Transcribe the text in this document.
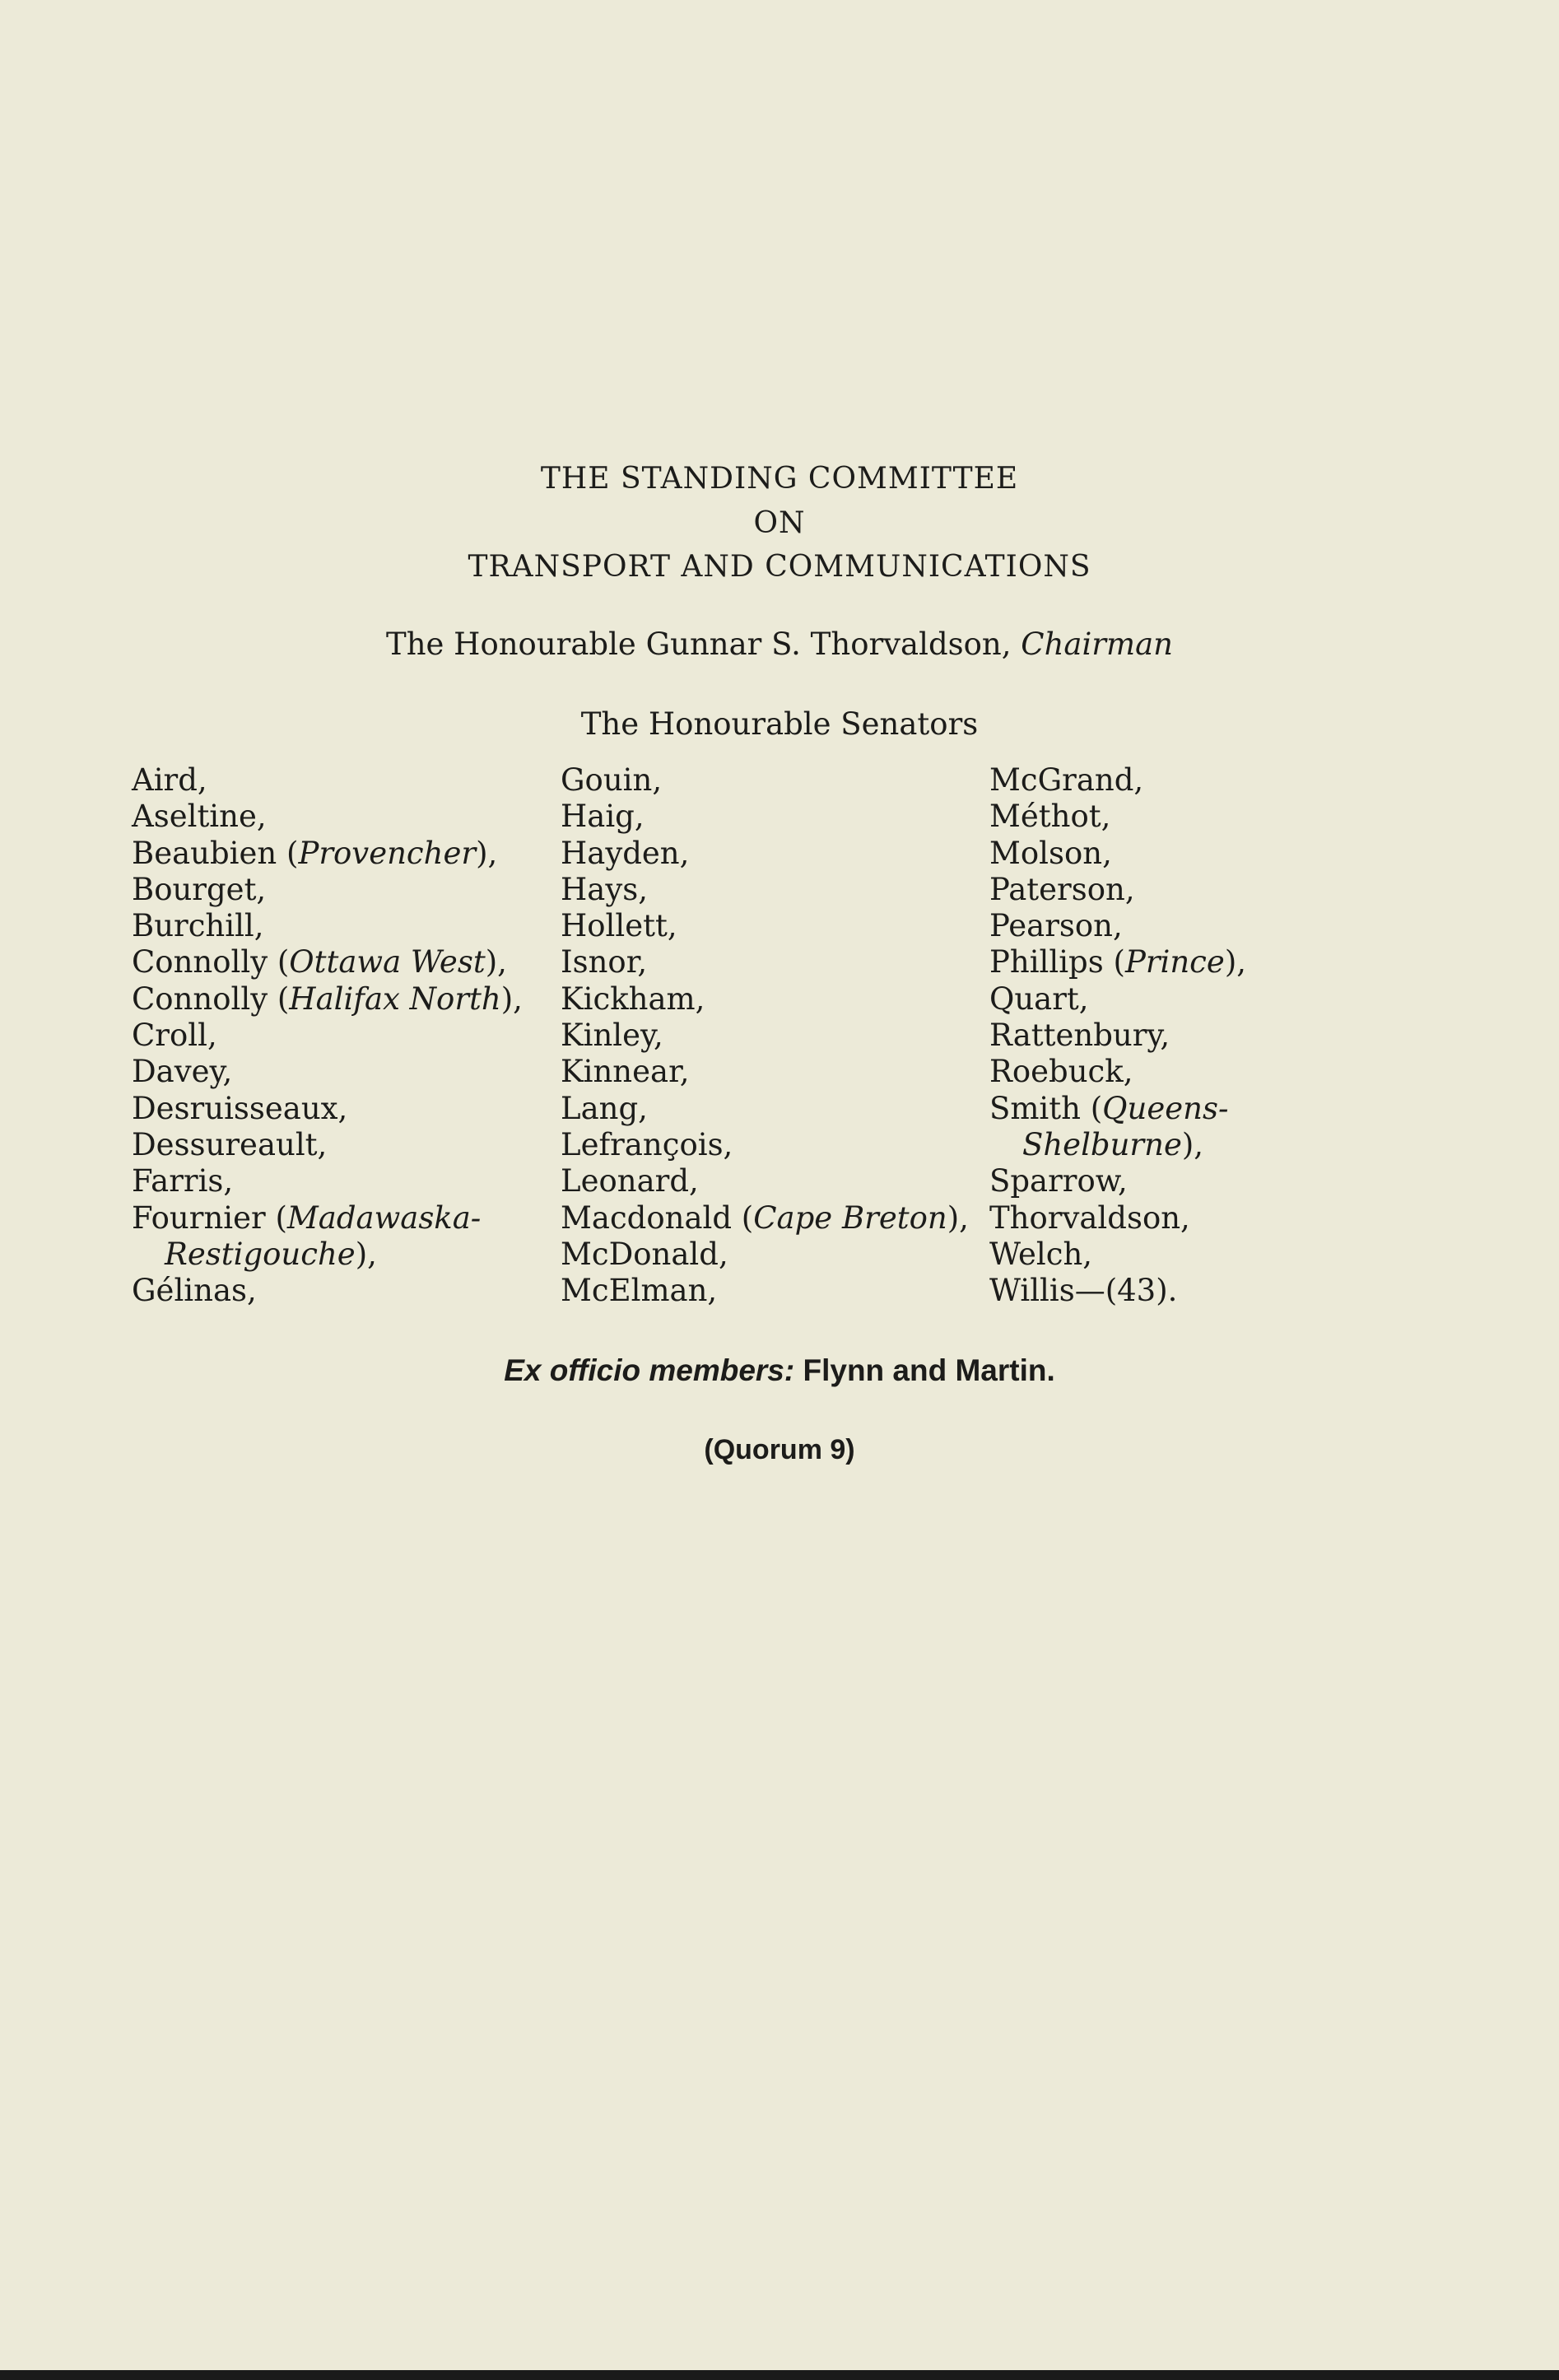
THE STANDING COMMITTEE
ON
TRANSPORT AND COMMUNICATIONS
The Honourable Gunnar S. Thorvaldson, Chairman
The Honourable Senators
Aird,
Aseltine,
Beaubien (Provencher),
Bourget,
Burchill,
Connolly (Ottawa West),
Connolly (Halifax North),
Croll,
Davey,
Desruisseaux,
Dessureault,
Farris,
Fournier (Madawaska-
Restigouche),
Gélinas,
Gouin,
Haig,
Hayden,
Hays,
Hollett,
Isnor,
Kickham,
Kinley,
Kinnear,
Lang,
Lefrançois,
Leonard,
Macdonald (Cape Breton),
McDonald,
McElman,
McGrand,
Méthot,
Molson,
Paterson,
Pearson,
Phillips (Prince),
Quart,
Rattenbury,
Roebuck,
Smith (Queens-
Shelburne),
Sparrow,
Thorvaldson,
Welch,
Willis—(43).
Ex officio members: Flynn and Martin.
(Quorum 9)
